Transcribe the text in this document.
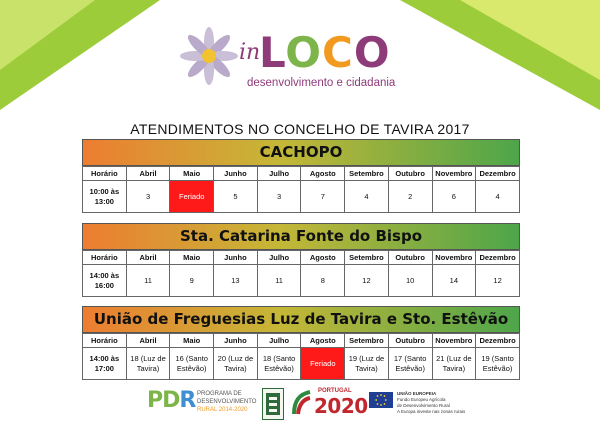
in
LOCO
desenvolvimento e cidadania
ATENDIMENTOS NO CONCELHO DE TAVIRA 2017
CACHOPO
Horário	Abril	Maio	Junho	Julho	Agosto	Setembro	Outubro	Novembro	Dezembro
10:00 às 13:00	3	Feriado	5	3	7	4	2	6	4
Sta. Catarina Fonte do Bispo
Horário	Abril	Maio	Junho	Julho	Agosto	Setembro	Outubro	Novembro	Dezembro
14:00 às 16:00	11	9	13	11	8	12	10	14	12
União de Freguesias Luz de Tavira e Sto. Estêvão
Horário	Abril	Maio	Junho	Julho	Agosto	Setembro	Outubro	Novembro	Dezembro
14:00 às 17:00	18 (Luz de Tavira)	16 (Santo Estêvão)	20 (Luz de Tavira)	18 (Santo Estêvão)	Feriado	19 (Luz de Tavira)	17 (Santo Estêvão)	21 (Luz de Tavira)	19 (Santo Estêvão)
PDR PROGRAMA DE
DESENVOLVIMENTO
RURAL 2014-2020
PORTUGAL
2020
UNIÃO EUROPEIA
Fundo Europeu Agrícola
de Desenvolvimento Rural
A Europa investe nas zonas rurais
